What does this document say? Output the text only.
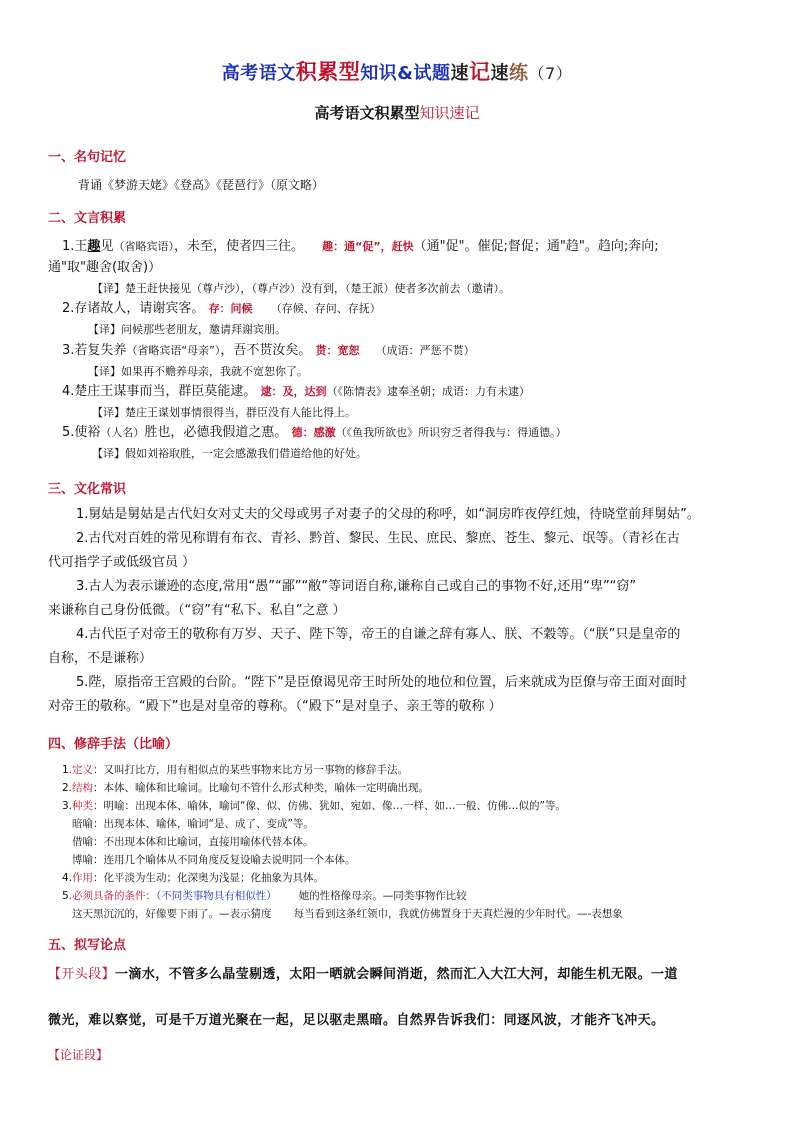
高考语文积累型知识&试题速记速练（7）
高考语文积累型知识速记
一、名句记忆
背诵《梦游天姥》《登高》《琵琶行》（原文略）
二、文言积累
1.王趣见（省略宾语），未至，使者四三往。 趣：通“促”，赶快（通"促"。催促;督促；通"趋"。趋向;奔向;
通"取"趣舍(取舍)）
【译】楚王赶快接见（尊卢沙），（尊卢沙）没有到，（楚王派）使者多次前去（邀请）。
2.存诸故人，请谢宾客。 存：问候 （存候、存问、存抚）
【译】问候那些老朋友，邀请拜谢宾朋。
3.若复失养（省略宾语“母亲”），吾不贳汝矣。 贳：宽恕 （成语：严惩不贳）
【译】如果再不赡养母亲，我就不宽恕你了。
4.楚庄王谋事而当，群臣莫能逮。 逮：及，达到（《陈情表》逮奉圣朝；成语：力有未逮）
【译】楚庄王谋划事情很得当，群臣没有人能比得上。
5.使裕（人名）胜也，必德我假道之惠。 德：感激（《鱼我所欲也》所识穷乏者得我与：得通德。）
【译】假如刘裕取胜，一定会感激我们借道给他的好处。
三、文化常识
1.舅姑是舅姑是古代妇女对丈夫的父母或男子对妻子的父母的称呼，如“洞房昨夜停红烛，待晓堂前拜舅姑”。
2.古代对百姓的常见称谓有布衣、青衫、黔首、黎民、生民、庶民、黎庶、苍生、黎元、氓等。（青衫在古
代可指学子或低级官员 ）
3.古人为表示谦逊的态度,常用“愚”“鄙”“敝”等词语自称,谦称自己或自己的事物不好,还用“卑”“窃”
来谦称自己身份低微。（“窃”有“私下、私自”之意 ）
4.古代臣子对帝王的敬称有万岁、天子、陛下等，帝王的自谦之辞有寡人、朕、不穀等。（“朕”只是皇帝的
自称，不是谦称）
5.陛，原指帝王宫殿的台阶。“陛下”是臣僚谒见帝王时所处的地位和位置，后来就成为臣僚与帝王面对面时
对帝王的敬称。“殿下”也是对皇帝的尊称。（“殿下”是对皇子、亲王等的敬称 ）
四、修辞手法（比喻）
1.定义：又叫打比方，用有相似点的某些事物来比方另一事物的修辞手法。
2.结构：本体、喻体和比喻词。比喻句不管什么形式种类，喻体一定明确出现。
3.种类：明喻：出现本体、喻体，喻词“像、似、仿佛、犹如、宛如、像…一样、如…一般、仿佛…似的”等。
暗喻：出现本体、喻体，喻词“是、成了、变成”等。
借喻：不出现本体和比喻词，直接用喻体代替本体。
博喻：连用几个喻体从不同角度反复设喻去说明同一个本体。
4.作用：化平淡为生动；化深奥为浅显；化抽象为具体。
5.必须具备的条件：（不同类事物具有相似性） 她的性格像母亲。—同类事物作比较
这天黑沉沉的，好像要下雨了。—表示猜度 每当看到这条红领巾，我就仿佛置身于天真烂漫的少年时代。—-表想象
五、拟写论点
【开头段】一滴水，不管多么晶莹剔透，太阳一晒就会瞬间消逝，然而汇入大江大河，却能生机无限。一道
微光，难以察觉，可是千万道光聚在一起，足以驱走黑暗。自然界告诉我们：同逐风波，才能齐飞冲天。
【论证段】
